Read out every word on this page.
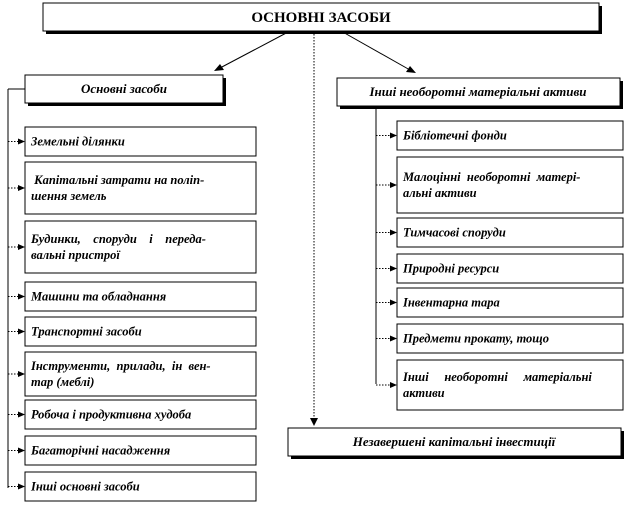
ОСНОВНІ ЗАСОБИ
Основні засоби	Інші необоротні матеріальні активи
Незавершені капітальні інвестиції
Земельні ділянки
Капітальні затрати на поліп-
шення земель
Будинки,    споруди    і    переда-
вальні пристрої
Машини та обладнання
Транспортні засоби
Інструменти,  прилади,  ін  вен-
тар (меблі)
Робоча і продуктивна худоба
Багаторічні насадження
Інші основні засоби
Бібліотечні фонди
Малоцінні  необоротні  матері-
альні активи
Тимчасові споруди
Природні ресурси
Інвентарна тара
Предмети прокату, тощо
Інші     необоротні     матеріальні
активи
